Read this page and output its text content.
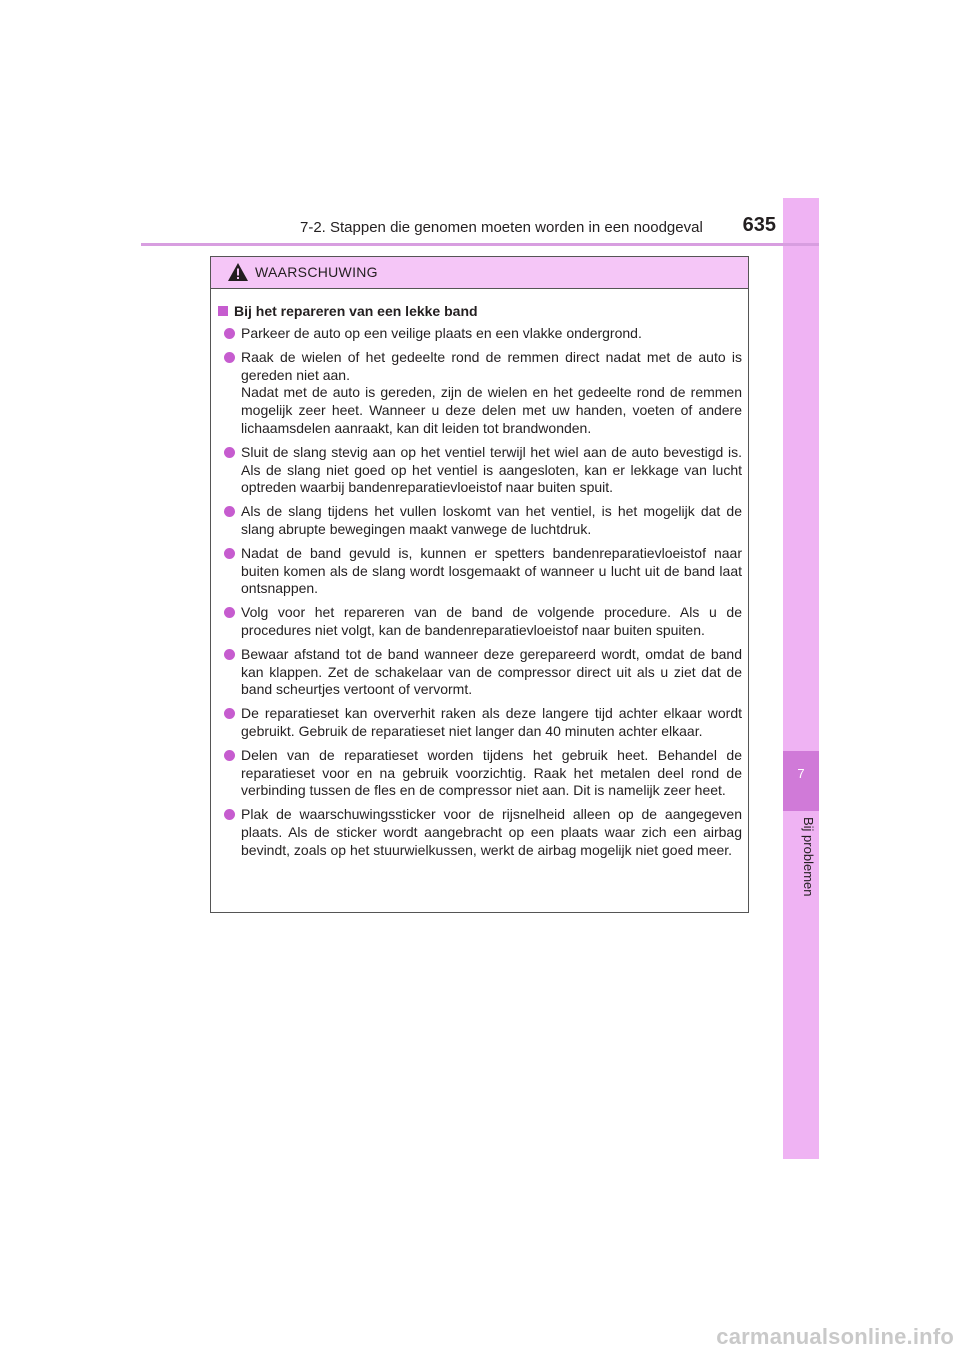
7
Bij problemen
7-2. Stappen die genomen moeten worden in een noodgeval	635
WAARSCHUWING
Bij het repareren van een lekke band
Parkeer de auto op een veilige plaats en een vlakke ondergrond.
Raak de wielen of het gedeelte rond de remmen direct nadat met de auto is gereden niet aan.
Nadat met de auto is gereden, zijn de wielen en het gedeelte rond de remmen mogelijk zeer heet. Wanneer u deze delen met uw handen, voeten of andere lichaamsdelen aanraakt, kan dit leiden tot brandwonden.
Sluit de slang stevig aan op het ventiel terwijl het wiel aan de auto bevestigd is. Als de slang niet goed op het ventiel is aangesloten, kan er lekkage van lucht optreden waarbij bandenreparatievloeistof naar buiten spuit.
Als de slang tijdens het vullen loskomt van het ventiel, is het mogelijk dat de slang abrupte bewegingen maakt vanwege de luchtdruk.
Nadat de band gevuld is, kunnen er spetters bandenreparatievloeistof naar buiten komen als de slang wordt losgemaakt of wanneer u lucht uit de band laat ontsnappen.
Volg voor het repareren van de band de volgende procedure. Als u de procedures niet volgt, kan de bandenreparatievloeistof naar buiten spuiten.
Bewaar afstand tot de band wanneer deze gerepareerd wordt, omdat de band kan klappen. Zet de schakelaar van de compressor direct uit als u ziet dat de band scheurtjes vertoont of vervormt.
De reparatieset kan oververhit raken als deze langere tijd achter elkaar wordt gebruikt. Gebruik de reparatieset niet langer dan 40 minuten achter elkaar.
Delen van de reparatieset worden tijdens het gebruik heet. Behandel de reparatieset voor en na gebruik voorzichtig. Raak het metalen deel rond de verbinding tussen de fles en de compressor niet aan. Dit is namelijk zeer heet.
Plak de waarschuwingssticker voor de rijsnelheid alleen op de aangegeven plaats. Als de sticker wordt aangebracht op een plaats waar zich een airbag bevindt, zoals op het stuurwielkussen, werkt de airbag mogelijk niet goed meer.
carmanualsonline.info
